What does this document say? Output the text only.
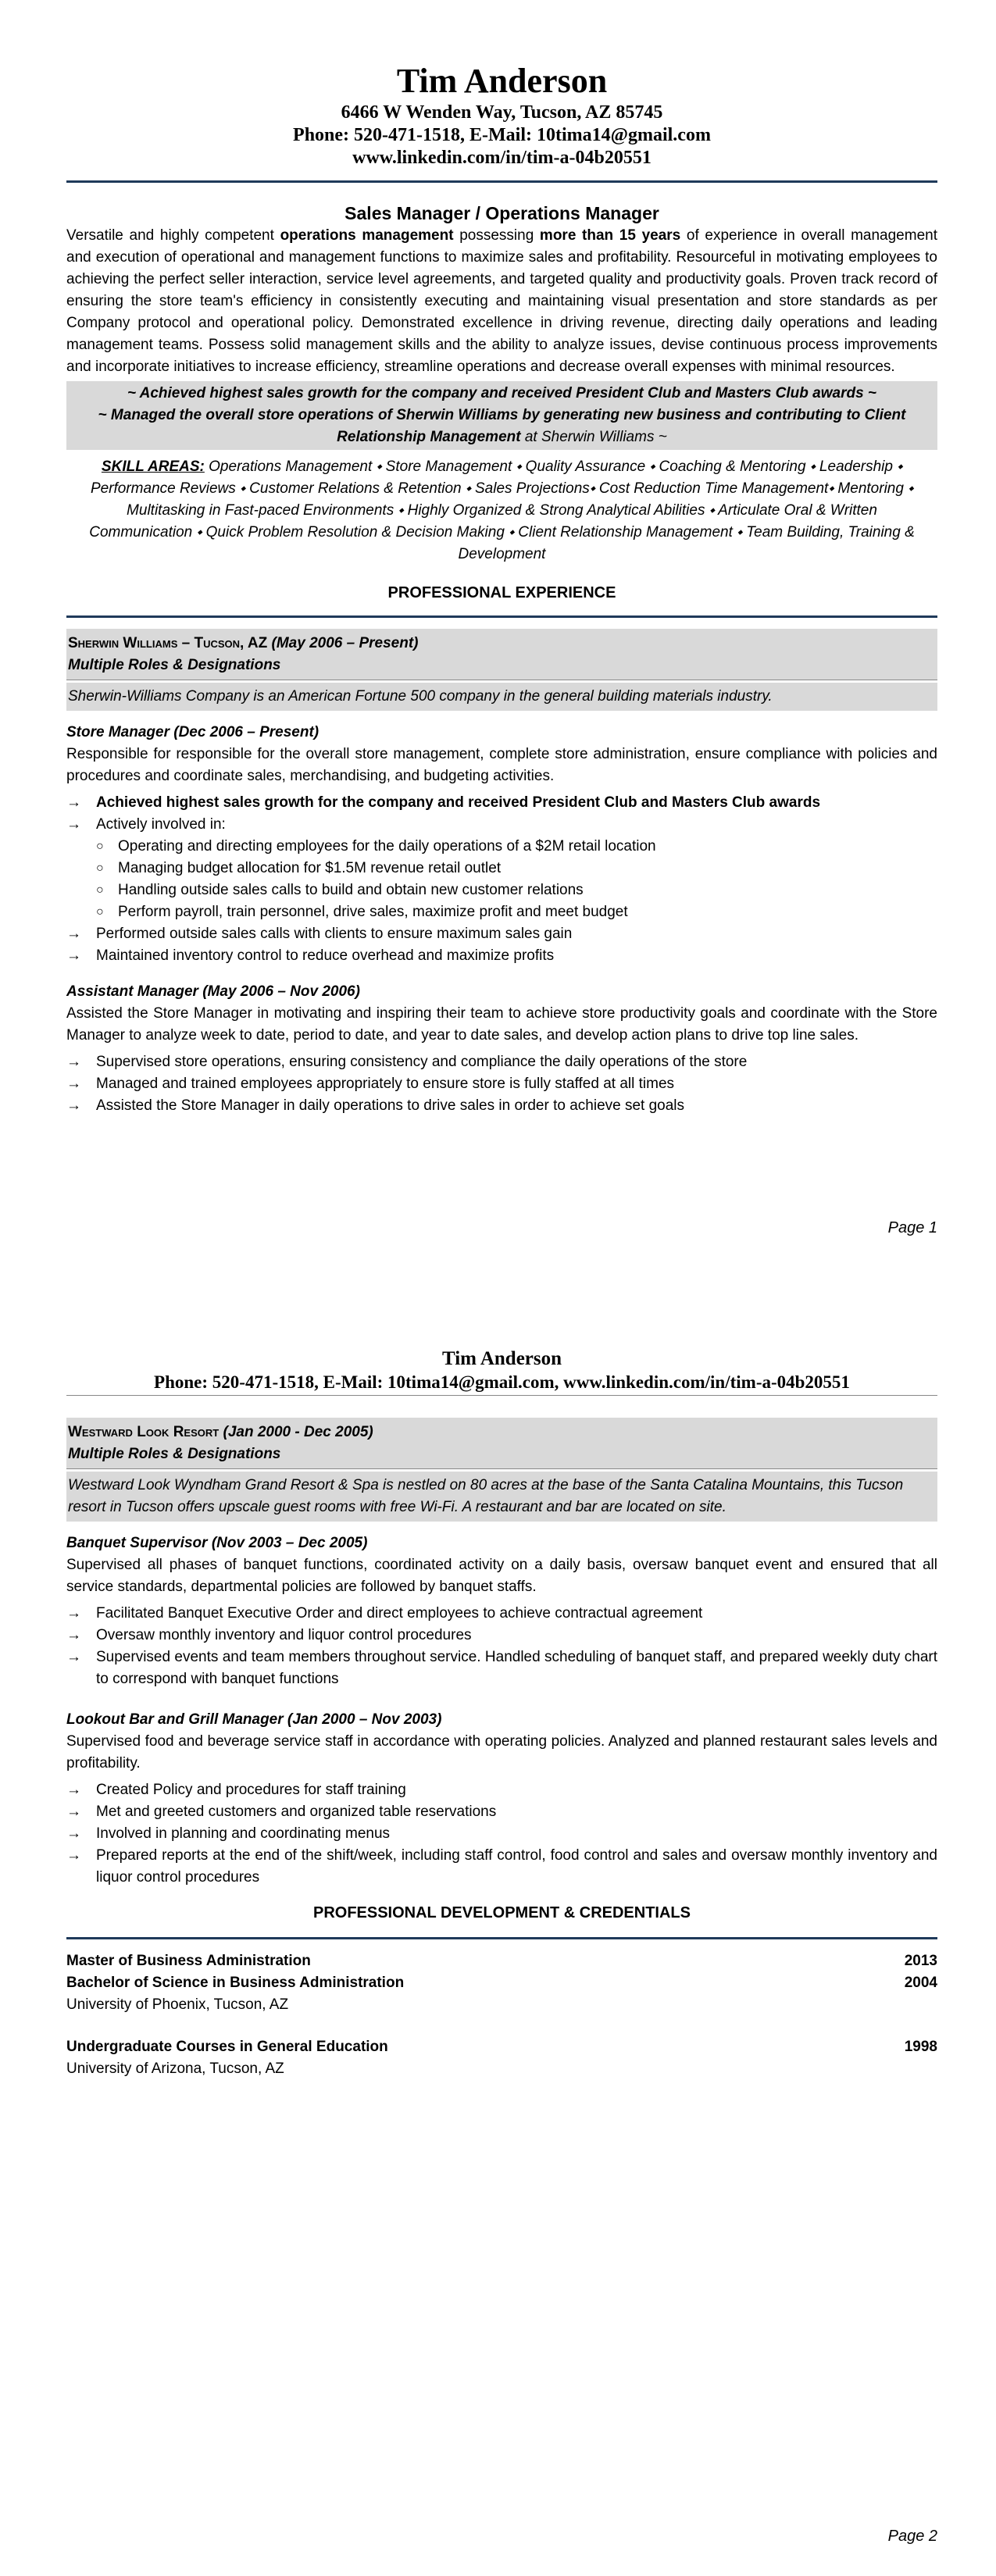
Tim Anderson
6466 W Wenden Way, Tucson, AZ 85745
Phone: 520-471-1518, E-Mail: 10tima14@gmail.com
www.linkedin.com/in/tim-a-04b20551
Sales Manager / Operations Manager
Versatile and highly competent operations management possessing more than 15 years of experience in overall management and execution of operational and management functions to maximize sales and profitability. Resourceful in motivating employees to achieving the perfect seller interaction, service level agreements, and targeted quality and productivity goals. Proven track record of ensuring the store team's efficiency in consistently executing and maintaining visual presentation and store standards as per Company protocol and operational policy. Demonstrated excellence in driving revenue, directing daily operations and leading management teams. Possess solid management skills and the ability to analyze issues, devise continuous process improvements and incorporate initiatives to increase efficiency, streamline operations and decrease overall expenses with minimal resources.
~ Achieved highest sales growth for the company and received President Club and Masters Club awards ~
~ Managed the overall store operations of Sherwin Williams by generating new business and contributing to Client Relationship Management at Sherwin Williams ~
SKILL AREAS: Operations Management ⬩ Store Management ⬩ Quality Assurance ⬩ Coaching & Mentoring ⬩ Leadership ⬩ Performance Reviews ⬩ Customer Relations & Retention ⬩ Sales Projections⬩ Cost Reduction Time Management⬩ Mentoring ⬩ Multitasking in Fast-paced Environments ⬩ Highly Organized & Strong Analytical Abilities ⬩ Articulate Oral & Written Communication ⬩ Quick Problem Resolution & Decision Making ⬩ Client Relationship Management ⬩ Team Building, Training & Development
PROFESSIONAL EXPERIENCE
Sherwin Williams – Tucson, AZ (May 2006 – Present)
Multiple Roles & Designations
Sherwin-Williams Company is an American Fortune 500 company in the general building materials industry.
Store Manager (Dec 2006 – Present)
Responsible for responsible for the overall store management, complete store administration, ensure compliance with policies and procedures and coordinate sales, merchandising, and budgeting activities.
→ Achieved highest sales growth for the company and received President Club and Masters Club awards
→ Actively involved in:
○ Operating and directing employees for the daily operations of a $2M retail location
○ Managing budget allocation for $1.5M revenue retail outlet
○ Handling outside sales calls to build and obtain new customer relations
○ Perform payroll, train personnel, drive sales, maximize profit and meet budget
→ Performed outside sales calls with clients to ensure maximum sales gain
→ Maintained inventory control to reduce overhead and maximize profits
Assistant Manager (May 2006 – Nov 2006)
Assisted the Store Manager in motivating and inspiring their team to achieve store productivity goals and coordinate with the Store Manager to analyze week to date, period to date, and year to date sales, and develop action plans to drive top line sales.
→ Supervised store operations, ensuring consistency and compliance the daily operations of the store
→ Managed and trained employees appropriately to ensure store is fully staffed at all times
→ Assisted the Store Manager in daily operations to drive sales in order to achieve set goals
Page 1
Tim Anderson
Phone: 520-471-1518, E-Mail: 10tima14@gmail.com, www.linkedin.com/in/tim-a-04b20551
Westward Look Resort (Jan 2000 - Dec 2005)
Multiple Roles & Designations
Westward Look Wyndham Grand Resort & Spa is nestled on 80 acres at the base of the Santa Catalina Mountains, this Tucson resort in Tucson offers upscale guest rooms with free Wi-Fi. A restaurant and bar are located on site.
Banquet Supervisor (Nov 2003 – Dec 2005)
Supervised all phases of banquet functions, coordinated activity on a daily basis, oversaw banquet event and ensured that all service standards, departmental policies are followed by banquet staffs.
→ Facilitated Banquet Executive Order and direct employees to achieve contractual agreement
→ Oversaw monthly inventory and liquor control procedures
→ Supervised events and team members throughout service. Handled scheduling of banquet staff, and prepared weekly duty chart to correspond with banquet functions
Lookout Bar and Grill Manager (Jan 2000 – Nov 2003)
Supervised food and beverage service staff in accordance with operating policies. Analyzed and planned restaurant sales levels and profitability.
→ Created Policy and procedures for staff training
→ Met and greeted customers and organized table reservations
→ Involved in planning and coordinating menus
→ Prepared reports at the end of the shift/week, including staff control, food control and sales and oversaw monthly inventory and liquor control procedures
PROFESSIONAL DEVELOPMENT & CREDENTIALS
Master of Business Administration	2013
Bachelor of Science in Business Administration	2004
University of Phoenix, Tucson, AZ
Undergraduate Courses in General Education	1998
University of Arizona, Tucson, AZ
Page 2
